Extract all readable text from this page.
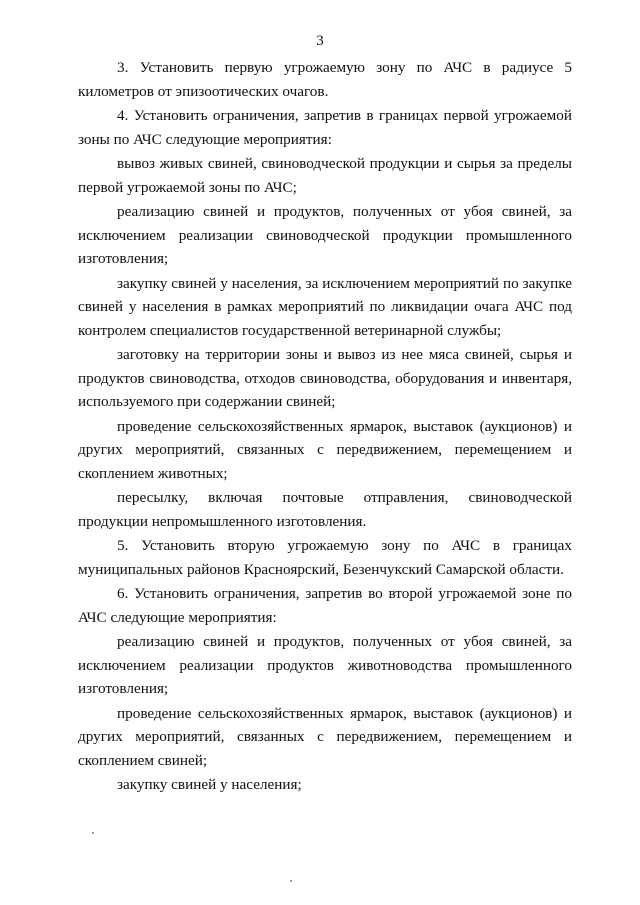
3

3. Установить первую угрожаемую зону по АЧС в радиусе 5 километров от эпизоотических очагов.

4. Установить ограничения, запретив в границах первой угрожаемой зоны по АЧС следующие мероприятия:

вывоз живых свиней, свиноводческой продукции и сырья за пределы первой угрожаемой зоны по АЧС;

реализацию свиней и продуктов, полученных от убоя свиней, за исключением реализации свиноводческой продукции промышленного изготовления;

закупку свиней у населения, за исключением мероприятий по закупке свиней у населения в рамках мероприятий по ликвидации очага АЧС под контролем специалистов государственной ветеринарной службы;

заготовку на территории зоны и вывоз из нее мяса свиней, сырья и продуктов свиноводства, отходов свиноводства, оборудования и инвентаря, используемого при содержании свиней;

проведение сельскохозяйственных ярмарок, выставок (аукционов) и других мероприятий, связанных с передвижением, перемещением и скоплением животных;

пересылку, включая почтовые отправления, свиноводческой продукции непромышленного изготовления.

5. Установить вторую угрожаемую зону по АЧС в границах муниципальных районов Красноярский, Безенчукский Самарской области.

6. Установить ограничения, запретив во второй угрожаемой зоне по АЧС следующие мероприятия:

реализацию свиней и продуктов, полученных от убоя свиней, за исключением реализации продуктов животноводства промышленного изготовления;

проведение сельскохозяйственных ярмарок, выставок (аукционов) и других мероприятий, связанных с передвижением, перемещением и скоплением свиней;

закупку свиней у населения;
